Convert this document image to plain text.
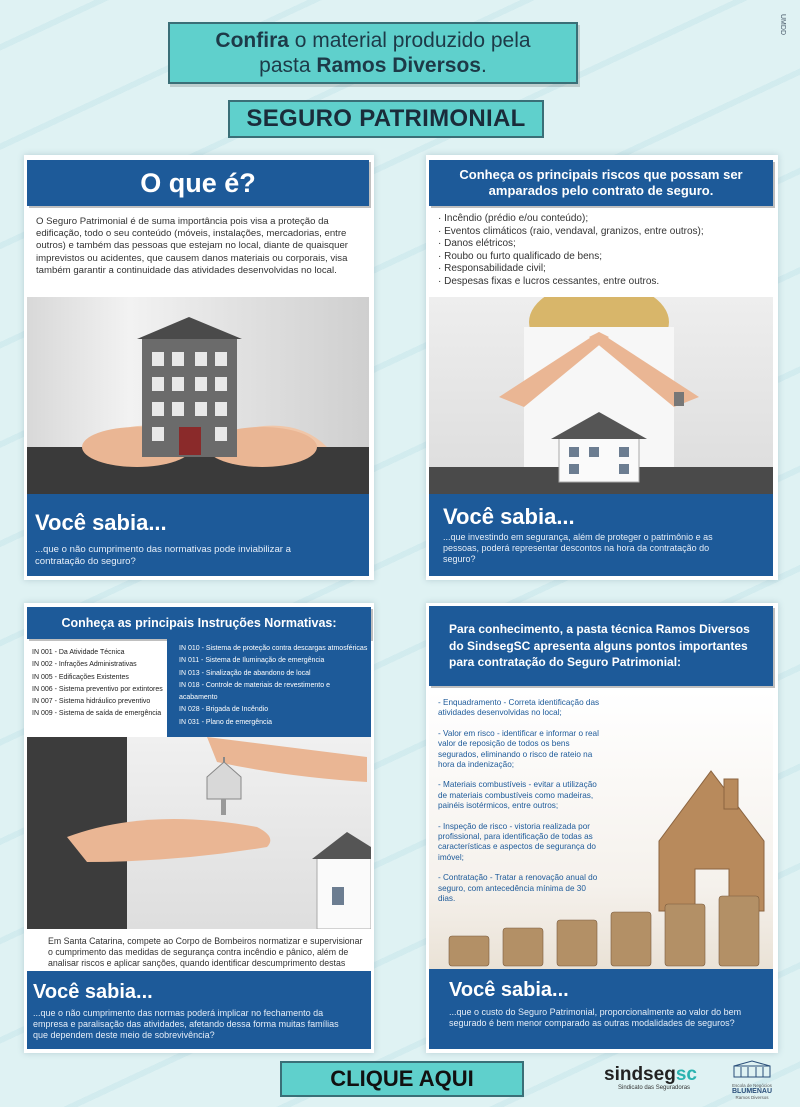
Confira o material produzido pela
pasta Ramos Diversos.
UMDD
SEGURO PATRIMONIAL
O que é?
O Seguro Patrimonial é de suma importância pois visa a proteção da edificação, todo o seu conteúdo (móveis, instalações, mercadorias, entre outros) e também das pessoas que estejam no local, diante de quaisquer imprevistos ou acidentes, que causem danos materiais ou corporais, visa também garantir a continuidade das atividades desenvolvidas no local.
Você sabia...
...que o não cumprimento das normativas pode inviabilizar a contratação do seguro?
Conheça os principais riscos que possam ser amparados pelo contrato de seguro.
· Incêndio (prédio e/ou conteúdo);
· Eventos climáticos (raio, vendaval, granizos, entre outros);
· Danos elétricos;
· Roubo ou furto qualificado de bens;
· Responsabilidade civil;
· Despesas fixas e lucros cessantes, entre outros.
Você sabia...
...que investindo em segurança, além de proteger o patrimônio e as pessoas, poderá representar descontos na hora da contratação do seguro?
Conheça as principais Instruções Normativas:
IN 001 - Da Atividade Técnica
IN 002 - Infrações Administrativas
IN 005 - Edificações Existentes
IN 006 - Sistema preventivo por extintores
IN 007 - Sistema hidráulico preventivo
IN 009 - Sistema de saída de emergência
IN 010 - Sistema de proteção contra descargas atmosféricas
IN 011 - Sistema de Iluminação de emergência
IN 013 - Sinalização de abandono de local
IN 018 - Controle de materiais de revestimento e acabamento
IN 028 - Brigada de Incêndio
IN 031 - Plano de emergência
Em Santa Catarina, compete ao Corpo de Bombeiros normatizar e supervisionar o cumprimento das medidas de segurança contra incêndio e pânico, além de analisar riscos e aplicar sanções, quando identificar descumprimento destas
Você sabia...
...que o não cumprimento das normas poderá implicar no fechamento da empresa e paralisação das atividades, afetando dessa forma muitas famílias que dependem deste meio de sobrevivência?
Para conhecimento, a pasta técnica Ramos Diversos do SindsegSC apresenta alguns pontos importantes para contratação do Seguro Patrimonial:

- Enquadramento - Correta identificação das atividades desenvolvidas no local;

- Valor em risco - identificar e informar o real valor de reposição de todos os bens segurados, eliminando o risco de rateio na hora da indenização;

- Materiais combustíveis - evitar a utilização de materiais combustíveis como madeiras, painéis isotérmicos, entre outros;

- Inspeção de risco - vistoria realizada por profissional, para identificação de todas as características e aspectos de segurança do imóvel;

- Contratação - Tratar a renovação anual do seguro, com antecedência mínima de 30 dias.

Você sabia...
...que o custo do Seguro Patrimonial, proporcionalmente ao valor do bem segurado é bem menor comparado as outras modalidades de seguros?
CLIQUE AQUI	sindsegsc
Sindicato das Seguradoras	Escola de Negócios
BLUMENAU
Ramos Diversos
